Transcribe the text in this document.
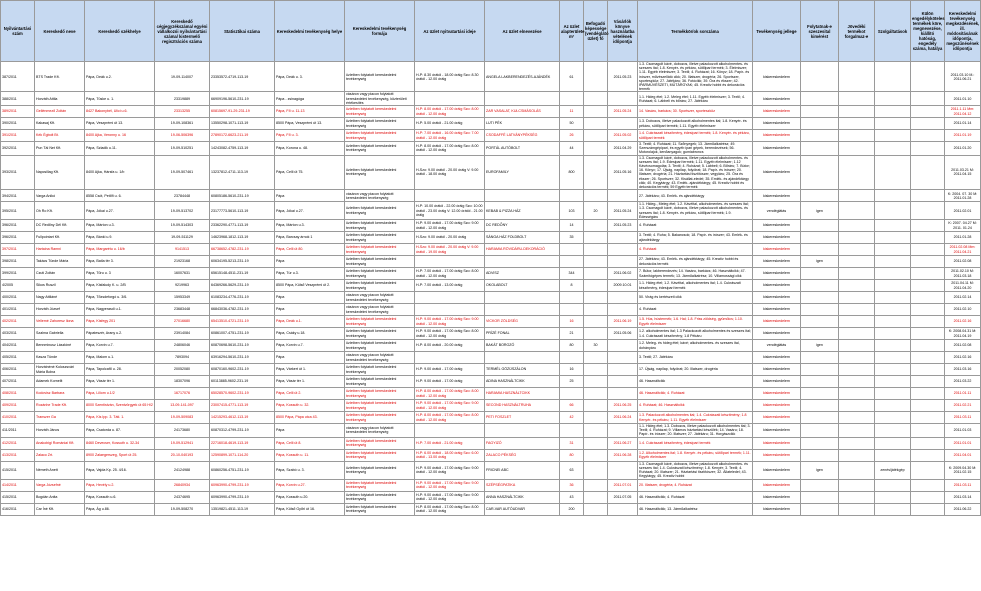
Nyilvántartási szám	Kereskedő neve	Kereskedő székhelye	Kereskedő cégjegyzékszáma/ egyéni vállalkozói nyilvántartási száma/ kistermelő regisztrációs száma	Statisztikai száma	Kereskedelmi tevékenység helye	Kereskedelmi tevékenység formája	Az üzlet nyitvatartási ideje	Az üzlet elnevezése	Az üzlet alapterülete m²	Befogadó képessége (vendéglátó üzlet) fő	Vásárlók könyve használatba vételének időpontja	Termékkör/ok sorszáma	Tevékenység jellege	Folytatnak-e szeszesital kimérést	Jövedéki termékot forgalmaz-e	Szolgáltatások	Külön engedélyköteles termékek köre, megnevezése, kiállító hatóság, engedély száma, hatálya	Kereskedelmi tevékenység megkezdésének, ill. módosításának időpontja, megszűnésének időpontja	
387/2011	BTS Trade Kft.	Pápa, Deák u.2.	19-09-114007	23353572-4719-113-19	Pápa, Deák u. 3.	üzletben folytatott kereskedelmi tevékenység	H-P: 8.30 órától - 18.00 óráig Szo: 8.30 órától - 12.00 óráig	ANGELA LAKBERENDEZÉS-AJÁNDÉK	61		2011.05.23	1.3. Csomagolt kávé, dobozos, illetve palackozott alkoholmentes- és szeszes ital; 1.8. Kenyér- és pékáru, sütőipari termék; 3. Élelmiszer; 1.11. Egyéb élelmiszer; 3. Textil; 4. Ruházat; 16. Könyv; 18. Papír- és írószer, művészellátó cikk; 20. Illatszer, drogéria; 26. Sportszer, sporteszköz; 27. Játékáru; 36. Fotócikk; 39. Óra és ékszer; 42. IPARMŰVÉSZETI, MŰTÁRGYAK; 45. Kreatív hobbi és dekorációs termék	kiskereskedelem					2011.03.10 M.: 2011.06.21	
388/2011	Horváth Attila	Pápa, Tüske u. 1.	23319889	66909196-5610-231-19	Pápa - zsinagóga	vásáron vagy piacon folytatott kereskedelmi tevékenység, közterületi értékesítés						1.1. Hideg étel; 1.2. Meleg étel; 1.11. Egyéb élelmiszer; 3. Textil; 4. Ruházat; 6. Lábbeli és bőráru; 27. Játékáru	kiskereskedelem					2011.01.10	
389/2011	Gellénmező Zoltán	8427 Bakonybél, Ulici u.6.	23313255	60815697-91-29-231-19	Pápa, Fő u. 11-13	üzletben folytatott kereskedelmi tevékenység	H-P: 8.00 órától - 17.00 óráig Szo: 8.00 órától - 12.00 óráig	ZAR VASALAT, KULCSMÁSOLÁS	11		2011.05.24	14. Vasáru, barkács; 30. Sportszer, sporteszköz	kiskereskedelem					2011.1.11 Mm: 2011.04.12	
390/2011	Kakasaj Kft.	Pápa, Veszprémi út 13.	19-09-108361	13550298-1071-113-19	8500 Pápa, Veszprémi út 13.	üzletben folytatott kereskedelmi tevékenység	H-P: 5.00 órától - 21.00 óráig	LUTI PÉK	50			1.3. Dobozos, illetve palackozott alkoholmentes ital; 1.8. Kenyér- és pékáru, sütőipari termék; 1.11. Egyéb élelmiszer	kiskereskedelem					2011.01.14	
391/2011	Kék Égbolt Bt.	8400 Ajka, Veronny u. 16	19-06-506396	27890172-6623-211-19	Pápa, Fő u. 3.	üzletben folytatott kereskedelmi tevékenység	H-P: 7.00 órától - 16.00 óráig Szo: 7.00 órától - 12.00 óráig	CSODAFFÉ LATVÁNYPÉKSÉG	26		2011.05.02	1.4. Cukrászati készítmény, édesipari termék; 1.8. Kenyér- és pékáru, sütőipari termék	kiskereskedelem					2011.01.19	
392/2011	Pun Tál Net Kft.	Pápa, Szladik u.11.	19-09-510251	14243082-4759-113-19	Pápa, Korona u. 48.	üzletben folytatott kereskedelmi tevékenység	H-P: 8.00 órától - 17.00 óráig Szo: 8.00 órától - 12.00 óráig	PORTÁL AUTÓBOLT	44		2011.04.29	3. Textil; 4. Ruházat; 11. Szőnyegek; 13. Járműalkatrész; 49. Szerszámgépipari, és egyéb ipari gépek, berendezések; 56. Motorolajok, kenőanyagok; gumiabroncs	kiskereskedelem					2011.01.20	
393/2011	Napcsillag Kft.	8400 Ajka, Hársfa u. 1/b	19-09-507461	13237812-4711-113-19	Pápa, Celli út 75.	üzletben folytatott kereskedelmi tevékenység	H-Szo: 9.00 órától - 20.00 óráig V: 9.00 órától - 18.00 óráig	EUROFAMILY	800		2011.05.16	1.3. Csomagolt kávé, dobozos, illetve palackozott alkoholmentes- és szeszes ital; 1.9. Édesipari termék; 1.11. Egyéb élelmiszer; 1.12 Kávécsomagolás; 3. Textil; 4. Ruházat; 5. Lábbeli; 6. Bőráru; 7. Bútor; 16. Könyv; 17. Újság, napilap, folyóirat; 18. Papír- és írószer; 20. Illatszer, drogéria; 21. Háztartási tisztítószer, vegyiáru; 25. Óra és ékszer; 26. Sportszer; 32. Kisállat-eledel; 35. Emlék- és ajándéktárgy cikk; 40. Kegytárgy; 43. Emlék- ajándéktárgy; 45. Kreatív hobbi és dekorációs termék; 59 Egyéb termék	kiskereskedelem					2011.03.21 M: 2011.04.15	
394/2011	Varga Anikó	8558 Csót, Petőfi u. 6.	23784448	60805186-5610-231-19	Pápa	vásáron vagy piacon folytatott kereskedelmi tevékenység						27. Játékáru; 43. Emlék- és ajándéktárgy	kiskereskedelem					K: 2004. 07. 30 M: 2011.01.28	
395/2011	Oh Ro Kft.	Pápa, Jókai u.27.	19-09-513702	23177773-5610-113-19	Pápa, Jókai u.27.	üzletben folytatott kereskedelmi tevékenység	H-P: 10.00 órától - 22.00 óráig Szo: 10.00 órától - 23.00 óráig V: 12.00 órától - 21.00 óráig	KEBAB & PIZZA HÁZ	103	20	2011.05.24	1.1. Hideg-, Meleg étel; 1.2. Kávéital, alkoholmentes- és szeszes ital; 1.3. Csomagolt kávé, dobozos, illetve palackozott alkoholmentes- és szeszes ital; 1.8. Kenyér- és pékáru, sütőipari termék; 1.9. Édességáru	vendéglátás	igen				2011.02.01	
396/2011	DC Redőny Dél Kft.	Pápa, Márton u.3.	19-09-514303	23362290-4771-113-19	Pápa, Márton u.3.	üzletben folytatott kereskedelmi tevékenység	H-P: 9.00 órától - 17.00 óráig Szo: 9.00 órától - 12.00 óráig	DC REDŐNY	14		2011.05.23	4. Ruházat	kiskereskedelem					K: 2007. 04.27 M: 2011. 01.24	
396/2011	Fullpointart Kft.	Pápa, Bánki u.9.	19-09-511129	14623968-1812-113-19	Pápa, Barcsay árnok 1	üzletben folytatott kereskedelmi tevékenység	H-Szo: 9.00 órától - 20.00 óráig	SÁNGA HÁZ FOLDBOLT	35			3. Textil; 4. Ruha; 5. Bakancsok; 18. Papír- és írószer; 43. Emlék- és ajándéktárgy	kiskereskedelem					2011.01.28	
397/2011	Hartaina Ramni	Pápa, Margarétu u. 16/b	9141513	66738652-4782-231-19	Pápa, Celli út 80.	üzletben folytatott kereskedelmi tevékenység	H-Szo: 9.00 órától - 20.00 óráig V: 9.00 órától - 19.00 óráig	HARAMIA RÖVIDÁRU-DEKORÁCIÓ				4. Ruházat	kiskereskedelem					2011.02.08 Mm: 2011.04.21	
398/2011	Takács Tünde Mária	Pápa, Batla tér 3.	21923168	60634195-5213-231-19	Pápa	üzletben folytatott kereskedelmi tevékenység						27. Játékáru; 43. Emlék- és ajándéktárgy; 45. Kreatív hobbi és dekorációs termék	kiskereskedelem	igen				2011.02.08	
399/2011	Czuti Zoltán	Pápa, Tűru u. 3	16007631	65615148-4511-231-19	Pápa, Túr u.3.	üzletben folytatott kereskedelmi tevékenység	H-P: 7.00 órától - 17.00 óráig Szo: 8.00 órától - 12.00 óráig	ADVISZ	344		2011.06.02	7. Bútor, lakberendezés; 14. Vasáru, barkács; 46. Használtcikk; 47. Számítógépes termék; 13. Járműalkatrész; 10. Villamossági cikk	kiskereskedelem					2011.02.10 M: 2011.03.18	
4/2005	Sikos Ruszil	Pápa, Kisfaludy K. u. 2/B	9219963	64369266-5629-231-19	8500 Pápa, Külső Veszprémi út 2.	üzletben folytatott kereskedelmi tevékenység	H-P: 7.00 órától - 13.00 óráig	OKOLABOLT	8		2009.10.01	1.1. Hideg étel; 1.2. Kávéital, alkoholmentes ital; 1.4. Cukrászati készítmény, édesipari termék	kiskereskedelem					2011.04.11 M: 2011.04.20	
400/2011	Nagy Attiláné	Pápa, Tőzsdeforgó u. 3/6.	15953349	61083234-4776-231-19	Pápa	vásáron vagy piacon folytatott kereskedelmi tevékenység						50. Virág és kertészeti cikk	kiskereskedelem					2011.02.14	
401/2011	Horváth József	Pápa, Nagyerasdi u.1.	23683448	66843036-4782-231-19	Pápa	vásáron vagy piacon folytatott kereskedelmi tevékenység						4. Ruházat	kiskereskedelem					2011.02.10	
402/2011	Vellemé Zahoresz Ilona	Pápa, Kisfegy 201	27016680	65413510-4721-231-19	Pápa, Deák u.1.	üzletben folytatott kereskedelmi tevékenység	H-P: 9.00 órától - 17.00 óráig Szo: 9.00 órától - 12.00 óráig	VICKOR ZÖLDSÉG	16		2011.06.19	1.5. Hús, hústermék; 1.6. Hal; 1.8. Friss zöldség, gyümölcs; 1.10. Egyéb élelmiszer	kiskereskedelem					2011.02.16	
403/2011	Szalma Gabriella	Pápateszér, Arany u.2.	23914084	60861007-4751-231-19	Pápa, Csáky u.18.	üzletben folytatott kereskedelmi tevékenység	H-P: 9.00 órától - 17.00 óráig Szo: 8.00 órától - 12.00 óráig	PRÍZÉ FONAL	21		2011.05.06	1.2. alkoholmentes ital; 1.3 Palackozott alkoholmentes és szeszes ital; 1.4. Cukrászati készítmény; 1.8 Pékáru	kiskereskedelem					K: 2008.04.31 M: 2011.04.19	
404/2011	Bennminusz Lászlóné	Pápa, Korvin u.7.	24806046	60870698-5610-231-19	Pápa, Korvin u.7.	üzletben folytatott kereskedelmi tevékenység	H-P: 8.00 órától - 20.00 óráig	BAKÁT BOROZÓ	80	30		1.2. Meleg- és hideg étel; kávé; alkoholmentes- és szeszes ital, dohányáru	vendéglátás	igen				2011.02.08	
405/2011	Kasza Tünde	Pápa, Malom u.1.	7893094	63916294-5610-231-19	Pápa	vásáron vagy piacon folytatott kereskedelmi tevékenység						3. Textil; 27. Játékáru	kiskereskedelem					2011.02.16	
406/2011	Horvátnéné Koloszsvári Mária Bolna	Pápa, Tapolcafő u. 28.	20052080	60870160-9602-231-19	Pápa, Várkert út 1.	üzletben folytatott kereskedelmi tevékenység	H-P: 9.00 órától - 17.00 óráig	TERMÉL GÖZÜSZÁLON	16			17. Újság, napilap, folyóirat; 20. Illatszer, drogéria	kiskereskedelem					2011.03.16	
407/2011	Adamek Kornelit	Pápa, Vásár tér 1.	18307096	60113885-9602-231-19	Pápa, Vásár tér 1.	üzletben folytatott kereskedelmi tevékenység	H-P: 9.00 órától - 17.00 óráig	ADINA HASZNÁLTCIKK	25			46. Használtcikk	kiskereskedelem					2011.03.22	
408/2011	Kodovisz Barbara	Pápa, Liliom u.1/2	16717076	65028570-9602-231-19	Pápa, Celli út 2.	üzletben folytatott kereskedelmi tevékenység	H-P: 8.00 órától - 17.00 óráig Szo: 8.00 órától - 12.00 óráig	HARAMIA HASZNÁLTCIKK				46. Használtcikk; 4. Ruházat	kiskereskedelem					2011.01.11	
409/2011	Rozánhe Trade Kft.	8000 Szentistván, Szentvörgyek út 65 H/2	13-09-141-097	23007415-4771-113-19	Pápa, Kossuth u. 32.	üzletben folytatott kereskedelmi tevékenység	H-P: 9.00 órától - 17.00 óráig Szo: 9.00 órától - 12.00 óráig	SECOND HASZNÁLTRUHA	66		2011.06.25	4. Ruházat; 46. Használtcikk	kiskereskedelem					2011.02.21	
410/2011	Transzer Ga	Pápa, Kis Ipp. 3. Táti. 1.	19-09-509083	14215293-4612-113-19	8500 Pápa, Pápa utca 43.	üzletben folytatott kereskedelmi tevékenység	H-P: 8.00 órától - 17.00 óráig Szo: 8.00 órától - 12.00 óráig	PETI FOSZLET	42		2011.06.24	1.3. Palackozott alkoholmentes ital; 1.4. Cukrászati készítmény; 1.8 Kenyér- és pékáru; 1.11. Egyéb élelmiszer	kiskereskedelem					2011.03.11	
411/2011	Horváth János	Pápa, Csatorda u. 87.	24173680	60870312-4799-231-19	Pápa	vásáron vagy piacon folytatott kereskedelmi tevékenység						1.1. Hideg étel; 1.3. Dobozos, illetve palackozott alkoholmentes ital; 3. Textil; 4. Ruházat; 9. Villamos háztartási készülék; 14. Vasáru; 18. Papír- és írószer; 20. Illatszer; 27. Játékáru; 31. Horgászcikk	kiskereskedelem					2011.01.03	
412/2011	Anakobigi Romániai Kft.	8460 Devecser, Kossuth u. 32-34	19-09-512941	22716018-4619-113-19	Pápa, Celli út 8.	üzletben folytatott kereskedelmi tevékenység	H-P: 7.00 órától - 21.00 óráig	FAGYIZÓ	31		2011.06.27	1.4. Cukrászati készítmény, édesipari termék	kiskereskedelem					2011.01.01	
413/2011	Zalaco Zrt.	8900 Zalaegerszeg, Sport út 25.	20-10-040193	12590899-1071-114-20	Pápa, Kossuth u. 11.	üzletben folytatott kereskedelmi tevékenység	H-P: 6.00 órától - 18.00 óráig Szo: 6.00 órától - 13.00 óráig	ZALACO PÉKSÉG	80		2011.06.28	1.2. Alkoholmentes ital; 1.8. Kenyér- és pékáru, sütőipari termék; 1.11. Egyéb élelmiszer	kiskereskedelem					2011.04.01	
415/2011	Németh Anett	Pápa, Vajda Kp. 25. 4/16.	24124988	60860256-4751-231-19	Pápa, Szabó u. 3.	üzletben folytatott kereskedelmi tevékenység	H-P: 9.00 órától - 17.00 óráig Szo: 9.00 órától - 12.00 óráig	FRICNEI ABC	63			1.3. Csomagolt kávé, dobozos, illetve palackozott alkoholmentes- és szeszes ital; 1.4. Cukrászati készítmény; 1.8. Kenyér; 3. Textil; 4. Ruházat; 20. Illatszer; 21. Háztartási tisztítószer; 32. Állateledel; 43. Kegytárgy; 45. Kreatív hobbi	kiskereskedelem	igen		zenés/játékgép		K: 2009.04.30 M: 2011.02.15	
414/2011	Varga Józsefné	Pápa, Hevély u.2.	26840934	60963990-4799-231-19	Pápa, Korvin u.27.	üzletben folytatott kereskedelmi tevékenység	H-P: 9.00 órától - 17.00 óráig Szo: 9.00 órától - 12.00 óráig	SZÉPSÉGPATIKA	36		2011.07.01	20. Illatszer, drogéria; 4. Ruházat	kiskereskedelem					2011.03.11	
415/2011	Bogdán Anita	Pápa, Kossuth u.6.	24374695	60963990-4799-231-19	Pápa, Kossuth u.20.	üzletben folytatott kereskedelmi tevékenység	H-P: 9.00 órától - 17.00 óráig Szo: 9.00 órától - 12.00 óráig	ANNA HASZNÁLTCIKK	43		2011.07.05	46. Használtcikk; 4. Ruházat	kiskereskedelem					2011.03.14	
416/2011	Car Íné Kft.	Pápa, Ág u.86.	19-09-508270	13519821-4511-113-19	Pápa, Külső Győri út 16.	üzletben folytatott kereskedelmi tevékenység	H-P: 8.00 órától - 17.00 óráig Szo: 8.00 órától - 12.00 óráig	CAR-VAR AUTÓUDVAR	200			46. Használtcikk; 13. Járműalkatrész	kiskereskedelem					2011.06.22	
